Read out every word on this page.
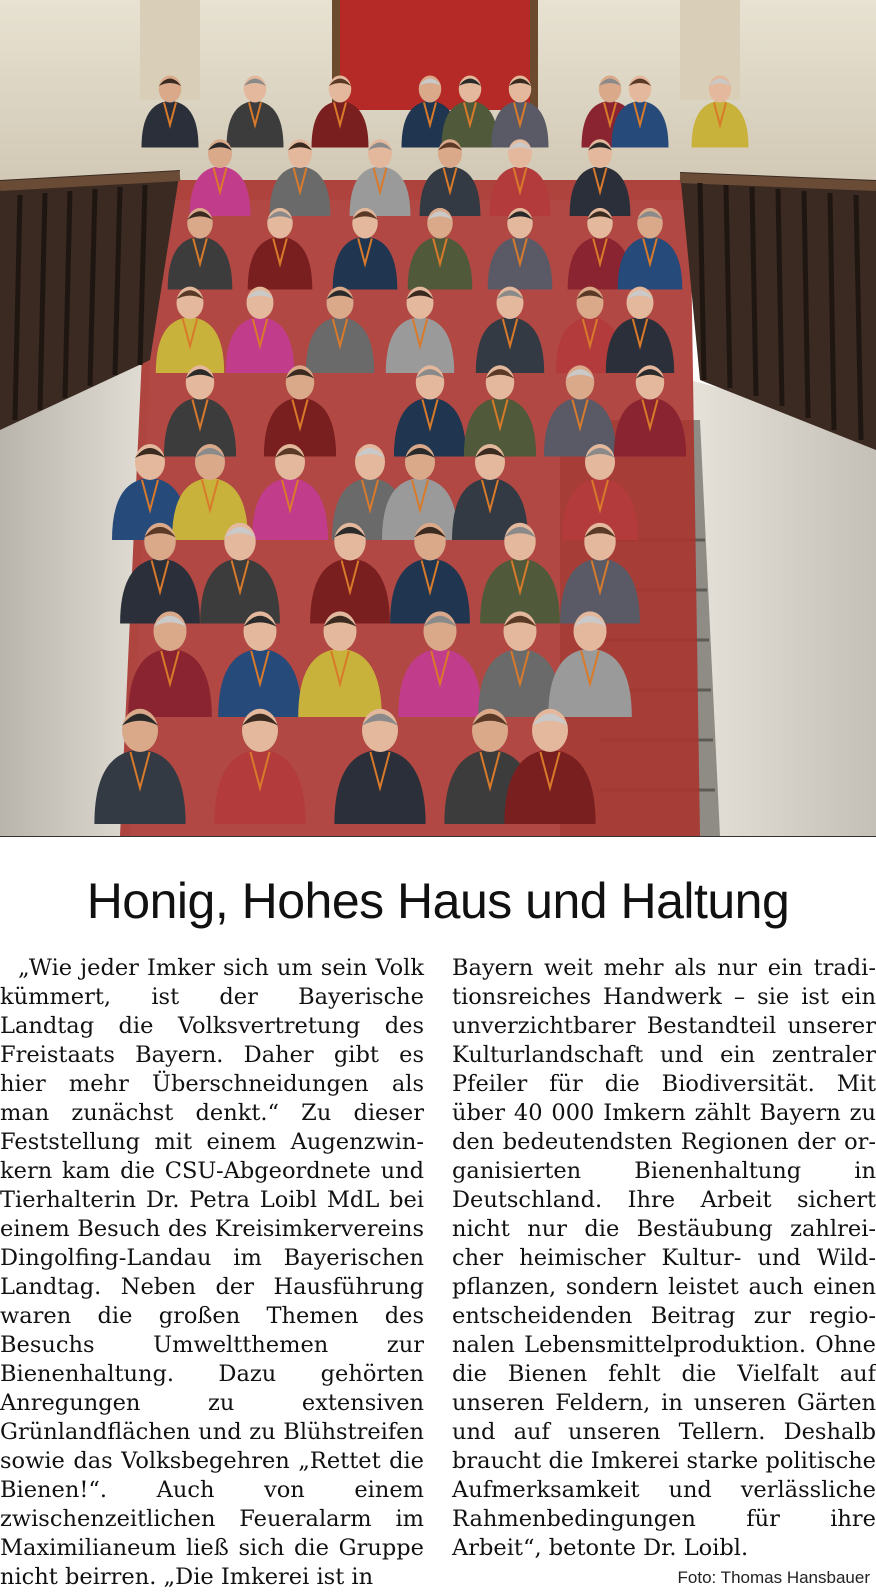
Honig, Hohes Haus und Haltung

„Wie jeder Imker sich um sein Volk kümmert, ist der Bayerische Landtag die Volksvertretung des Freistaats Bayern. Daher gibt es hier mehr Überschneidungen als man zunächst denkt.“ Zu dieser Feststellung mit einem Augenzwinkern kam die CSU-Abgeordnete und Tierhalterin Dr. Petra Loibl MdL bei einem Besuch des Kreisimkervereins Dingolfing-Landau im Bayerischen Landtag. Neben der Hausführung waren die großen Themen des Besuchs Umweltthemen zur Bienenhaltung. Dazu gehörten Anregungen zu extensiven Grünlandflächen und zu Blühstreifen sowie das Volksbegehren „Rettet die Bienen!“. Auch von einem zwischenzeitlichen Feueralarm im Maximilianeum ließ sich die Gruppe nicht beirren. „Die Imkerei ist in

Bayern weit mehr als nur ein traditionsreiches Handwerk – sie ist ein unverzichtbarer Bestandteil unserer Kulturlandschaft und ein zentraler Pfeiler für die Biodiversität. Mit über 40 000 Imkern zählt Bayern zu den bedeutendsten Regionen der organisierten Bienenhaltung in Deutschland. Ihre Arbeit sichert nicht nur die Bestäubung zahlreicher heimischer Kultur- und Wildpflanzen, sondern leistet auch einen entscheidenden Beitrag zur regionalen Lebensmittelproduktion. Ohne die Bienen fehlt die Vielfalt auf unseren Feldern, in unseren Gärten und auf unseren Tellern. Deshalb braucht die Imkerei starke politische Aufmerksamkeit und verlässliche Rahmenbedingungen für ihre Arbeit“, betonte Dr. Loibl.

Foto: Thomas Hansbauer
